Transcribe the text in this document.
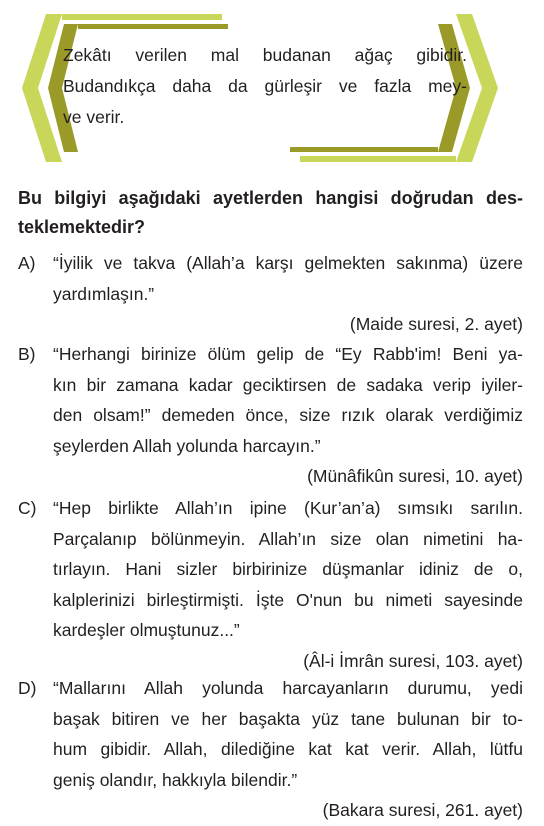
Zekâtı verilen mal budanan ağaç gibidir.
Budandıkça daha da gürleşir ve fazla mey-
ve verir.
Bu bilgiyi aşağıdaki ayetlerden hangisi doğrudan des-
teklemektedir?
A) “İyilik ve takva (Allah’a karşı gelmekten sakınma) üzere
yardımlaşın.”
(Maide suresi, 2. ayet)
B) “Herhangi birinize ölüm gelip de “Ey Rabb'im! Beni ya-
kın bir zamana kadar geciktirsen de sadaka verip iyiler-
den olsam!” demeden önce, size rızık olarak verdiğimiz
şeylerden Allah yolunda harcayın.”
(Münâfikûn suresi, 10. ayet)
C) “Hep birlikte Allah’ın ipine (Kur’an’a) sımsıkı sarılın.
Parçalanıp bölünmeyin. Allah’ın size olan nimetini ha-
tırlayın. Hani sizler birbirinize düşmanlar idiniz de o,
kalplerinizi birleştirmişti. İşte O'nun bu nimeti sayesinde
kardeşler olmuştunuz...”
(Âl-i İmrân suresi, 103. ayet)
D) “Mallarını Allah yolunda harcayanların durumu, yedi
başak bitiren ve her başakta yüz tane bulunan bir to-
hum gibidir. Allah, dilediğine kat kat verir. Allah, lütfu
geniş olandır, hakkıyla bilendir.”
(Bakara suresi, 261. ayet)
